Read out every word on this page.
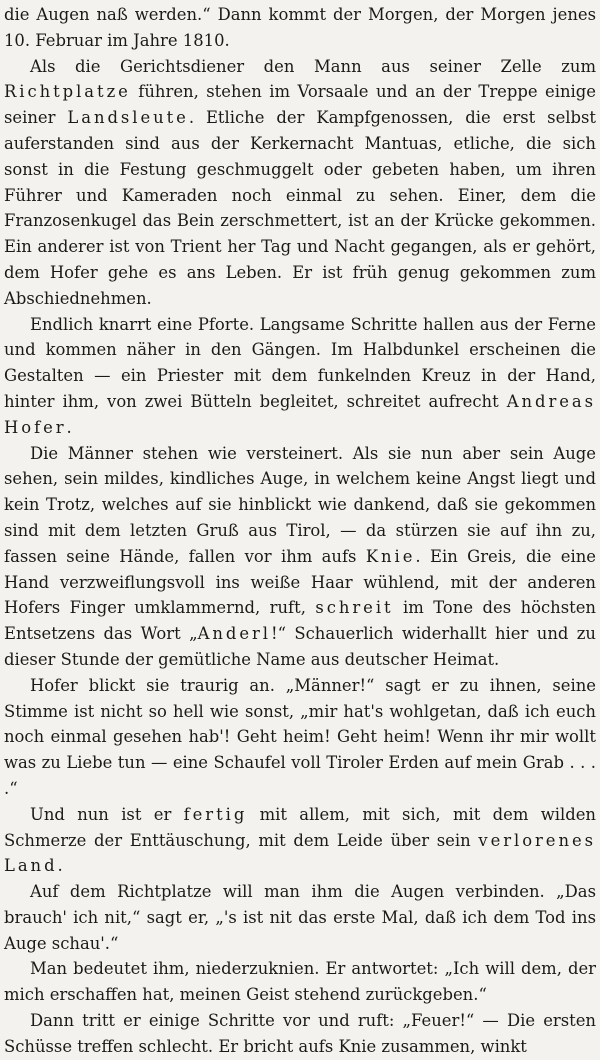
die Augen naß werden.“ Dann kommt der Morgen, der Morgen jenes 10. Februar im Jahre 1810.

Als die Gerichtsdiener den Mann aus seiner Zelle zum Richtplatze führen, stehen im Vorsaale und an der Treppe einige seiner Landsleute. Etliche der Kampfgenossen, die erst selbst auferstanden sind aus der Kerkernacht Mantuas, etliche, die sich sonst in die Festung geschmuggelt oder gebeten haben, um ihren Führer und Kameraden noch einmal zu sehen. Einer, dem die Franzosenkugel das Bein zerschmettert, ist an der Krücke gekommen. Ein anderer ist von Trient her Tag und Nacht gegangen, als er gehört, dem Hofer gehe es ans Leben. Er ist früh genug gekommen zum Abschiednehmen.

Endlich knarrt eine Pforte. Langsame Schritte hallen aus der Ferne und kommen näher in den Gängen. Im Halbdunkel erscheinen die Gestalten — ein Priester mit dem funkelnden Kreuz in der Hand, hinter ihm, von zwei Bütteln begleitet, schreitet aufrecht Andreas Hofer.

Die Männer stehen wie versteinert. Als sie nun aber sein Auge sehen, sein mildes, kindliches Auge, in welchem keine Angst liegt und kein Trotz, welches auf sie hinblickt wie dankend, daß sie gekommen sind mit dem letzten Gruß aus Tirol, — da stürzen sie auf ihn zu, fassen seine Hände, fallen vor ihm aufs Knie. Ein Greis, die eine Hand verzweiflungsvoll ins weiße Haar wühlend, mit der anderen Hofers Finger umklammernd, ruft, schreit im Tone des höchsten Entsetzens das Wort „Anderl!“ Schauerlich widerhallt hier und zu dieser Stunde der gemütliche Name aus deutscher Heimat.

Hofer blickt sie traurig an. „Männer!“ sagt er zu ihnen, seine Stimme ist nicht so hell wie sonst, „mir hat's wohlgetan, daß ich euch noch einmal gesehen hab'! Geht heim! Geht heim! Wenn ihr mir wollt was zu Liebe tun — eine Schaufel voll Tiroler Erden auf mein Grab . . . .“

Und nun ist er fertig mit allem, mit sich, mit dem wilden Schmerze der Enttäuschung, mit dem Leide über sein verlorenes Land.

Auf dem Richtplatze will man ihm die Augen verbinden. „Das brauch' ich nit,“ sagt er, „'s ist nit das erste Mal, daß ich dem Tod ins Auge schau'.“

Man bedeutet ihm, niederzuknien. Er antwortet: „Ich will dem, der mich erschaffen hat, meinen Geist stehend zurückgeben.“

Dann tritt er einige Schritte vor und ruft: „Feuer!“ — Die ersten Schüsse treffen schlecht. Er bricht aufs Knie zusammen, winkt
